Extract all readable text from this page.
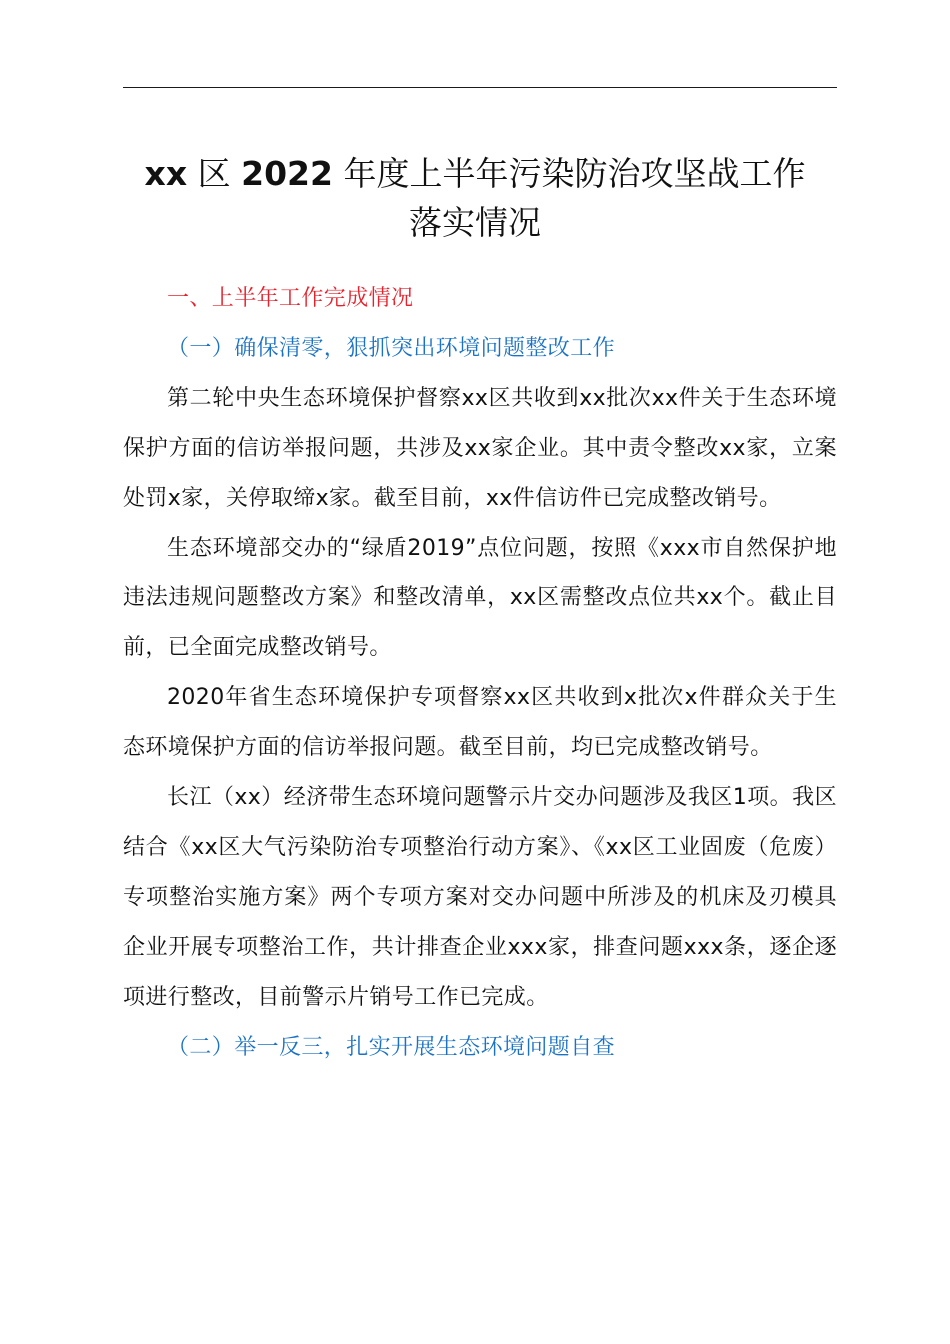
xx 区 2022 年度上半年污染防治攻坚战工作
落实情况

一、上半年工作完成情况

（一）确保清零，狠抓突出环境问题整改工作

第二轮中央生态环境保护督察xx区共收到xx批次xx件关于生态环境保护方面的信访举报问题，共涉及xx家企业。其中责令整改xx家，立案处罚x家，关停取缔x家。截至目前，xx件信访件已完成整改销号。

生态环境部交办的“绿盾2019”点位问题，按照《xxx市自然保护地违法违规问题整改方案》和整改清单，xx区需整改点位共xx个。截止目前，已全面完成整改销号。

2020年省生态环境保护专项督察xx区共收到x批次x件群众关于生态环境保护方面的信访举报问题。截至目前，均已完成整改销号。

长江（xx）经济带生态环境问题警示片交办问题涉及我区1项。我区结合《xx区大气污染防治专项整治行动方案》、《xx区工业固废（危废）专项整治实施方案》两个专项方案对交办问题中所涉及的机床及刃模具企业开展专项整治工作，共计排查企业xxx家，排查问题xxx条，逐企逐项进行整改，目前警示片销号工作已完成。

（二）举一反三，扎实开展生态环境问题自查
